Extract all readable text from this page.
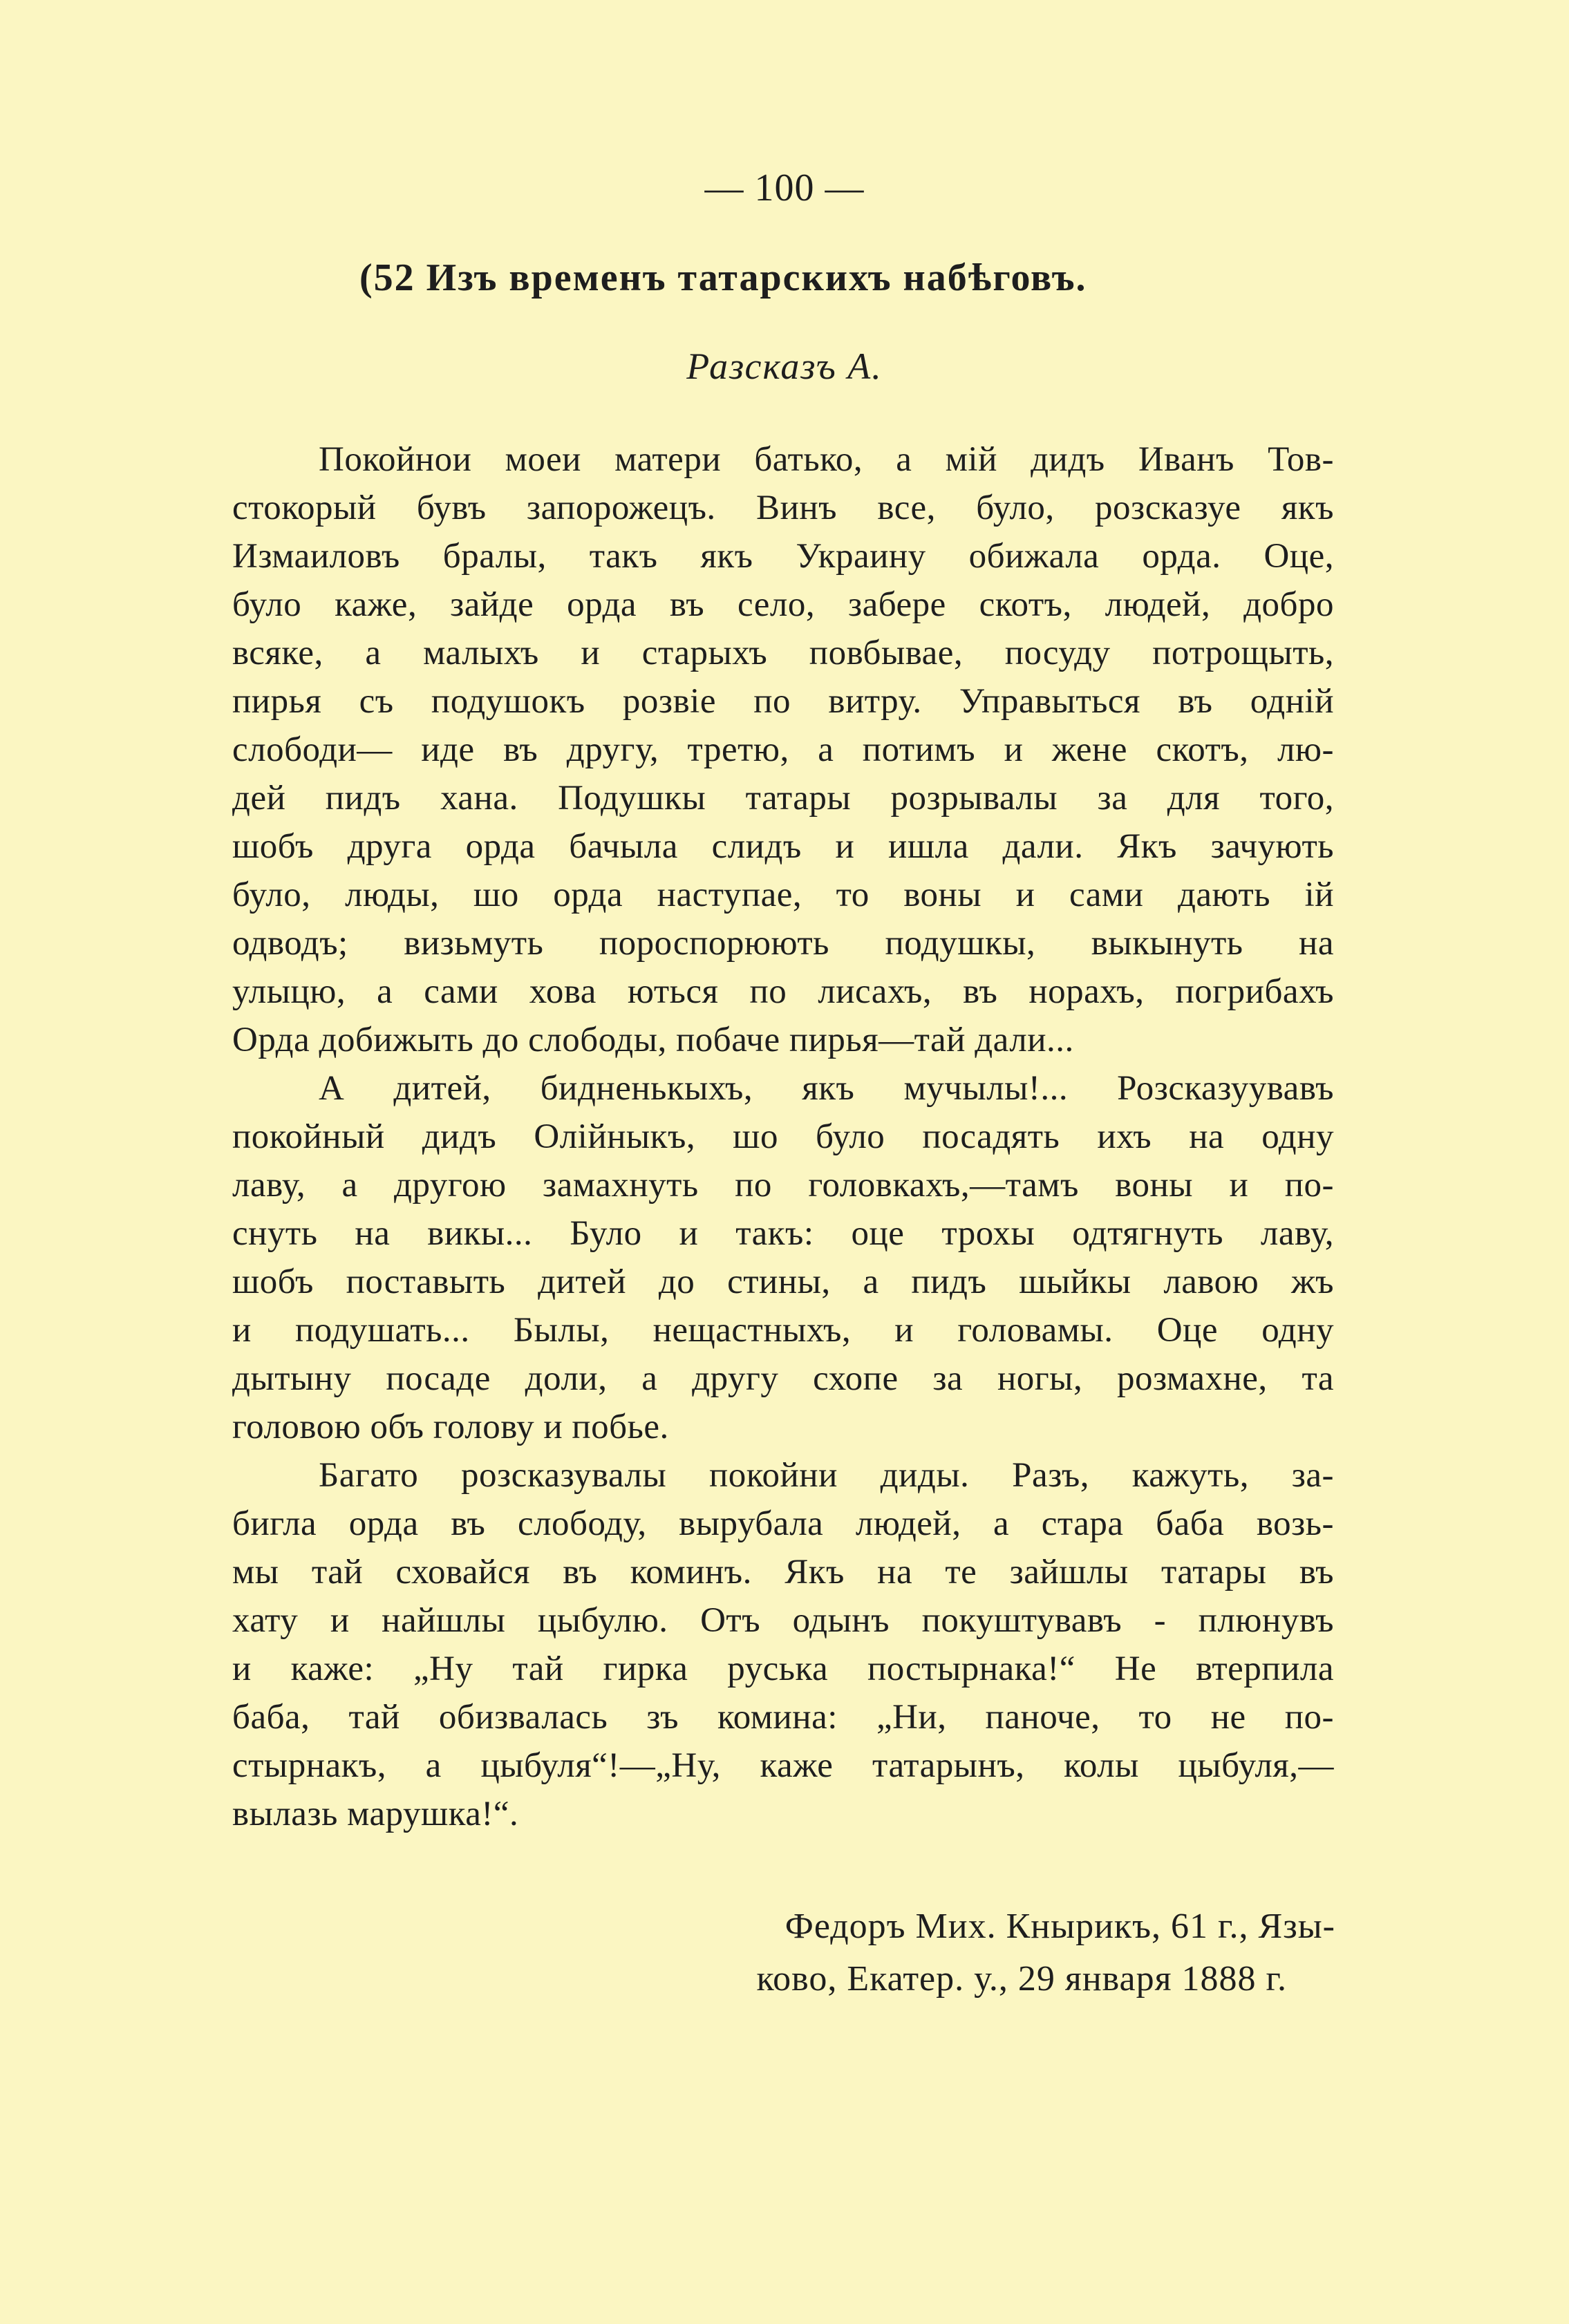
— 100 —
(52 Изъ временъ татарскихъ набѣговъ.
Разсказъ А.
Покойнои моеи матери батько, а мій дидъ Иванъ Тов-
стокорый бувъ запорожецъ. Винъ все, було, розсказуе якъ
Измаиловъ бралы, такъ якъ Украину обижала орда. Оце,
було каже, зайде орда въ село, забере скотъ, людей, добро
всяке, а малыхъ и старыхъ повбывае, посуду потрощыть,
пирья съ подушокъ розвіе по витру. Управыться въ одній
слободи— иде въ другу, третю, а потимъ и жене скотъ, лю-
дей пидъ хана. Подушкы татары розрывалы за для того,
шобъ друга орда бачыла слидъ и ишла дали. Якъ зачують
було, люды, шо орда наступае, то воны и сами дають ій
одводъ; визьмуть пороспорюють подушкы, выкынуть на
улыцю, а сами хова ються по лисахъ, въ норахъ, погрибахъ
Орда добижыть до слободы, побаче пирья—тай дали...
А дитей, бидненькыхъ, якъ мучылы!... Розсказуувавъ
покойный дидъ Олійныкъ, шо було посадять ихъ на одну
лаву, а другою замахнуть по головкахъ,—тамъ воны и по-
снуть на викы... Було и такъ: оце трохы одтягнуть лаву,
шобъ поставыть дитей до стины, а пидъ шыйкы лавою жъ
и подушать... Былы, нещастныхъ, и головамы. Оце одну
дытыну посаде доли, а другу схопе за ногы, розмахне, та
головою объ голову и побье.
Багато розсказувалы покойни диды. Разъ, кажуть, за-
бигла орда въ слободу, вырубала людей, а стара баба возь-
мы тай сховайся въ коминъ. Якъ на те зайшлы татары въ
хату и найшлы цыбулю. Отъ одынъ покуштувавъ - плюнувъ
и каже: „Ну тай гирка руська постырнака!“ Не втерпила
баба, тай обизвалась зъ комина: „Ни, паноче, то не по-
стырнакъ, а цыбуля“!—„Ну, каже татарынъ, колы цыбуля,—
вылазь марушка!“.
Федоръ Мих. Кнырикъ, 61 г., Язы-
ково, Екатер. у., 29 января 1888 г.
